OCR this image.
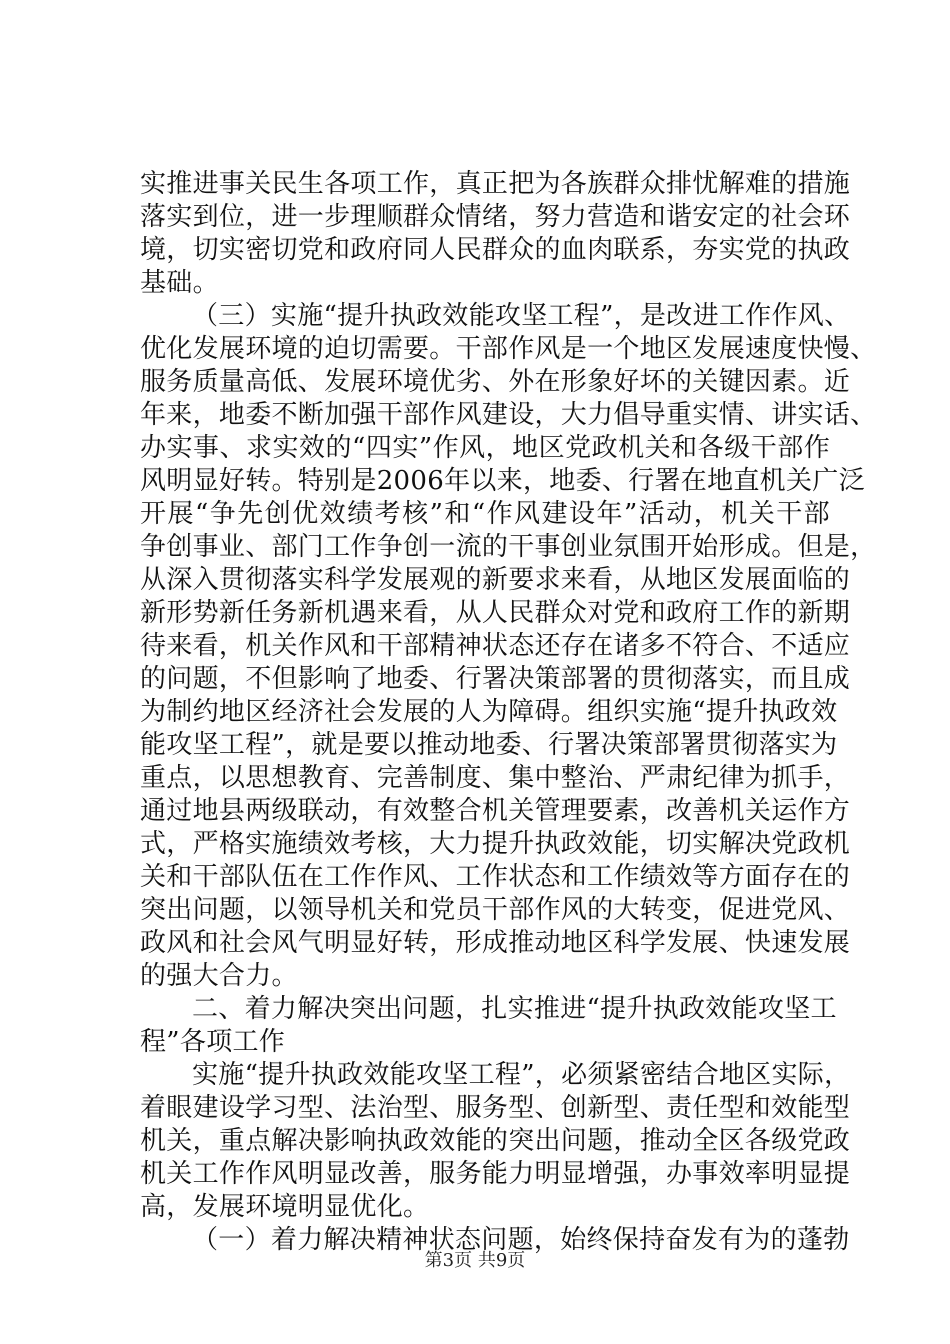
实推进事关民生各项工作，真正把为各族群众排忧解难的措施
落实到位，进一步理顺群众情绪，努力营造和谐安定的社会环
境，切实密切党和政府同人民群众的血肉联系，夯实党的执政
基础。
（三）实施“提升执政效能攻坚工程”，是改进工作作风、
优化发展环境的迫切需要。干部作风是一个地区发展速度快慢、
服务质量高低、发展环境优劣、外在形象好坏的关键因素。近
年来，地委不断加强干部作风建设，大力倡导重实情、讲实话、
办实事、求实效的“四实”作风，地区党政机关和各级干部作
风明显好转。特别是2006年以来，地委、行署在地直机关广泛
开展“争先创优效绩考核”和“作风建设年”活动，机关干部
争创事业、部门工作争创一流的干事创业氛围开始形成。但是，
从深入贯彻落实科学发展观的新要求来看，从地区发展面临的
新形势新任务新机遇来看，从人民群众对党和政府工作的新期
待来看，机关作风和干部精神状态还存在诸多不符合、不适应
的问题，不但影响了地委、行署决策部署的贯彻落实，而且成
为制约地区经济社会发展的人为障碍。组织实施“提升执政效
能攻坚工程”，就是要以推动地委、行署决策部署贯彻落实为
重点，以思想教育、完善制度、集中整治、严肃纪律为抓手，
通过地县两级联动，有效整合机关管理要素，改善机关运作方
式，严格实施绩效考核，大力提升执政效能，切实解决党政机
关和干部队伍在工作作风、工作状态和工作绩效等方面存在的
突出问题，以领导机关和党员干部作风的大转变，促进党风、
政风和社会风气明显好转，形成推动地区科学发展、快速发展
的强大合力。
二、着力解决突出问题，扎实推进“提升执政效能攻坚工
程”各项工作
实施“提升执政效能攻坚工程”，必须紧密结合地区实际，
着眼建设学习型、法治型、服务型、创新型、责任型和效能型
机关，重点解决影响执政效能的突出问题，推动全区各级党政
机关工作作风明显改善，服务能力明显增强，办事效率明显提
高，发展环境明显优化。
（一）着力解决精神状态问题，始终保持奋发有为的蓬勃
第3页 共9页
